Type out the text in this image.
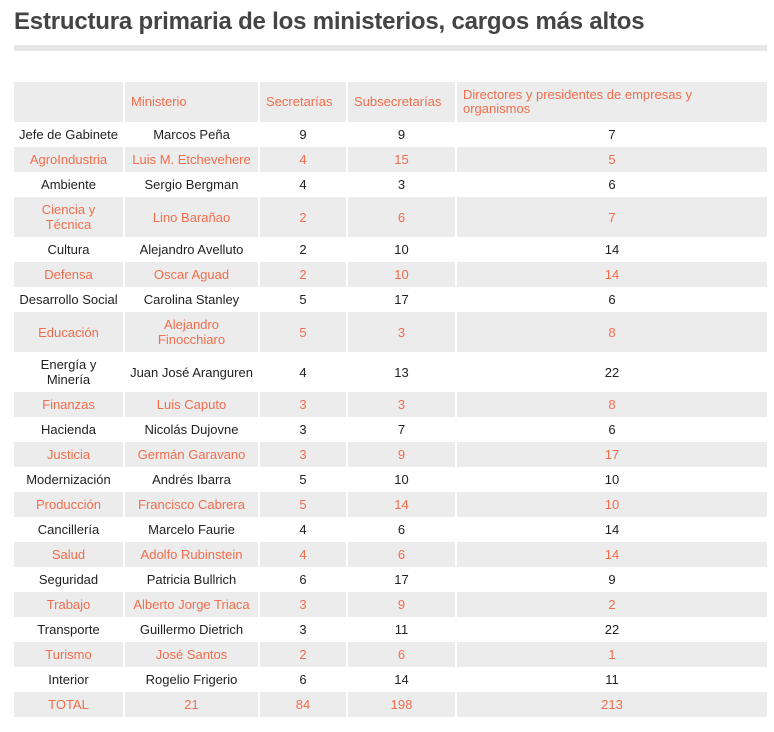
Estructura primaria de los ministerios, cargos más altos
	Ministerio	Secretarías	Subsecretarías	Directores y presidentes de empresas y organismos
Jefe de Gabinete	Marcos Peña	9	9	7
AgroIndustria	Luis M. Etchevehere	4	15	5
Ambiente	Sergio Bergman	4	3	6
Ciencia y Técnica	Lino Barañao	2	6	7
Cultura	Alejandro Avelluto	2	10	14
Defensa	Oscar Aguad	2	10	14
Desarrollo Social	Carolina Stanley	5	17	6
Educación	Alejandro Finocchiaro	5	3	8
Energía y Minería	Juan José Aranguren	4	13	22
Finanzas	Luis Caputo	3	3	8
Hacienda	Nicolás Dujovne	3	7	6
Justicia	Germán Garavano	3	9	17
Modernización	Andrés Ibarra	5	10	10
Producción	Francisco Cabrera	5	14	10
Cancillería	Marcelo Faurie	4	6	14
Salud	Adolfo Rubinstein	4	6	14
Seguridad	Patricia Bullrich	6	17	9
Trabajo	Alberto Jorge Triaca	3	9	2
Transporte	Guillermo Dietrich	3	11	22
Turismo	José Santos	2	6	1
Interior	Rogelio Frigerio	6	14	11
TOTAL	21	84	198	213
